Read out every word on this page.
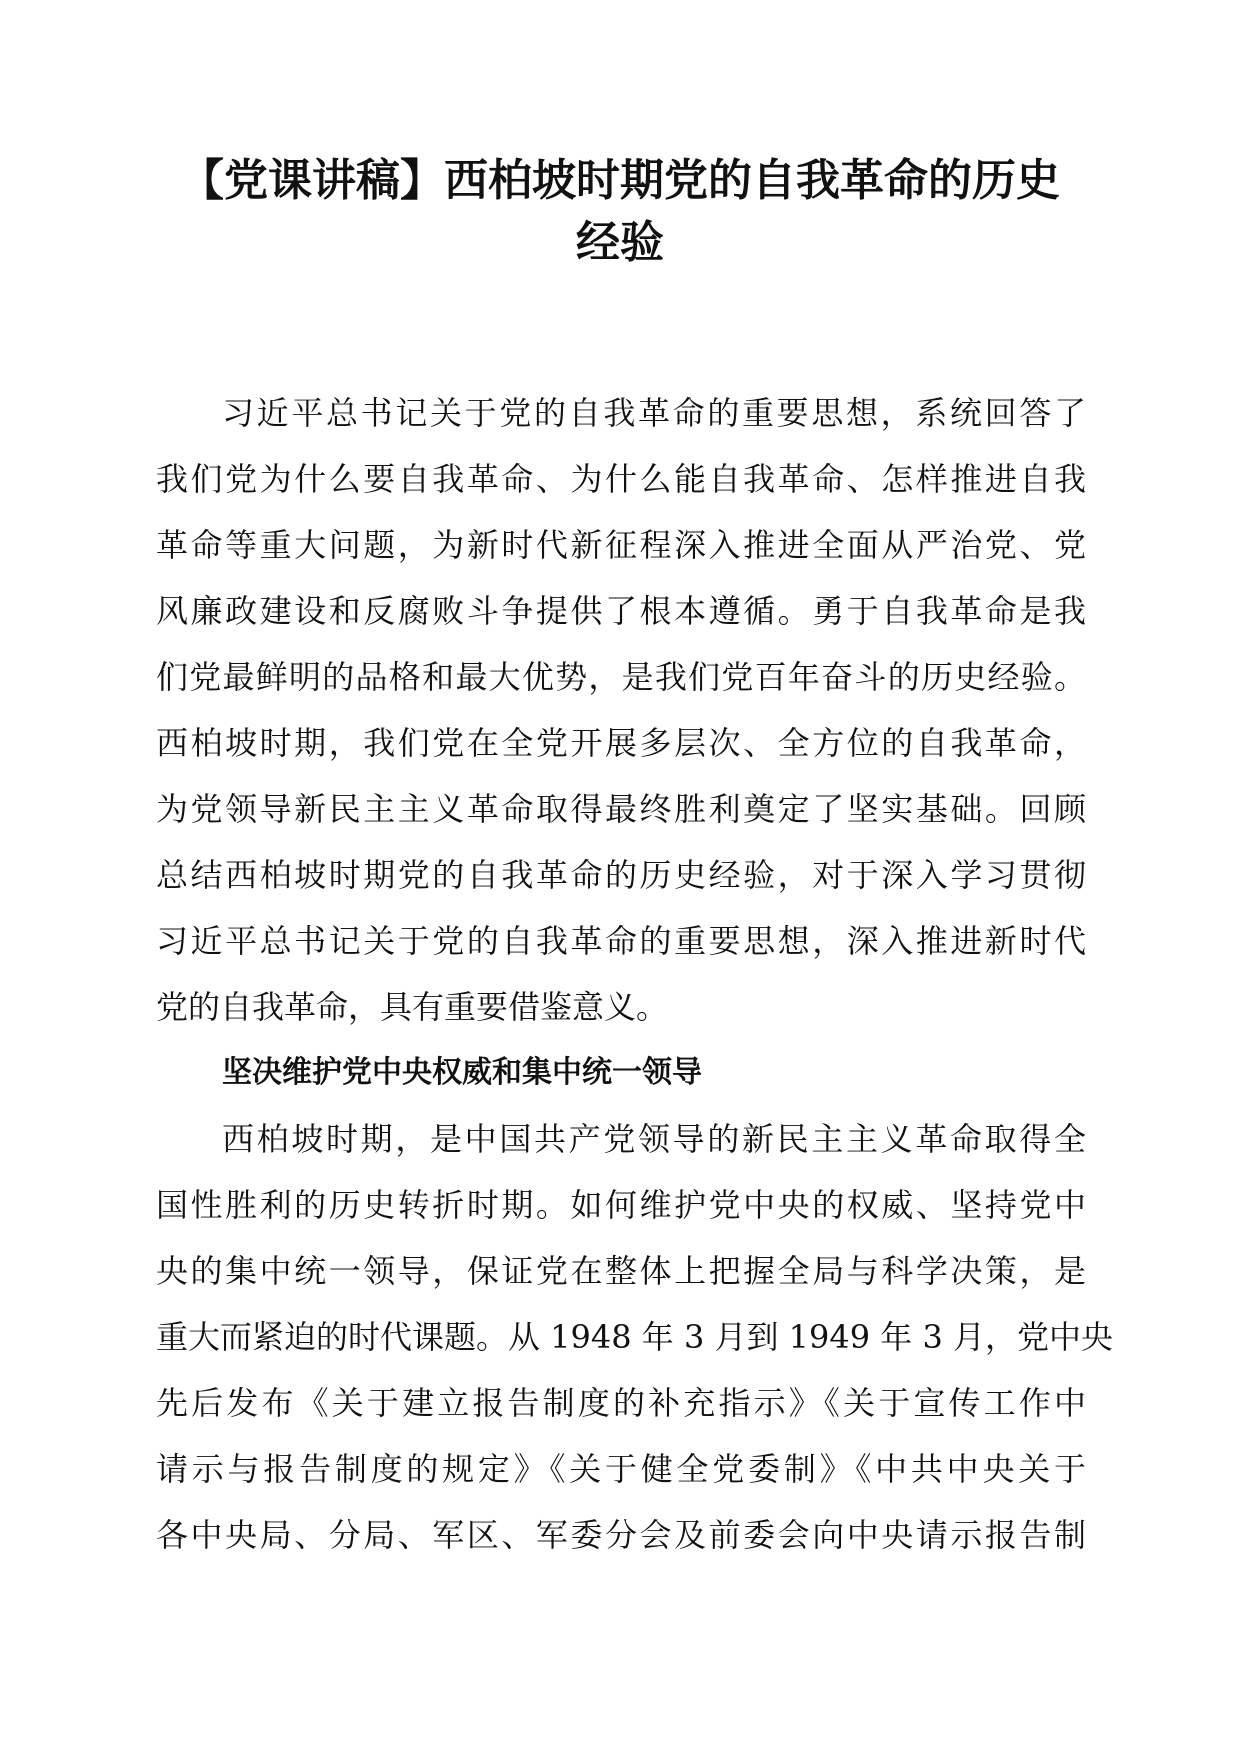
【党课讲稿】西柏坡时期党的自我革命的历史
经验
习近平总书记关于党的自我革命的重要思想，系统回答了
我们党为什么要自我革命、为什么能自我革命、怎样推进自我
革命等重大问题，为新时代新征程深入推进全面从严治党、党
风廉政建设和反腐败斗争提供了根本遵循。勇于自我革命是我
们党最鲜明的品格和最大优势，是我们党百年奋斗的历史经验。
西柏坡时期，我们党在全党开展多层次、全方位的自我革命，
为党领导新民主主义革命取得最终胜利奠定了坚实基础。回顾
总结西柏坡时期党的自我革命的历史经验，对于深入学习贯彻
习近平总书记关于党的自我革命的重要思想，深入推进新时代
党的自我革命，具有重要借鉴意义。
坚决维护党中央权威和集中统一领导
西柏坡时期，是中国共产党领导的新民主主义革命取得全
国性胜利的历史转折时期。如何维护党中央的权威、坚持党中
央的集中统一领导，保证党在整体上把握全局与科学决策，是
重大而紧迫的时代课题。从 1948 年 3 月到 1949 年 3 月，党中央
先后发布《关于建立报告制度的补充指示》《关于宣传工作中
请示与报告制度的规定》《关于健全党委制》《中共中央关于
各中央局、分局、军区、军委分会及前委会向中央请示报告制
